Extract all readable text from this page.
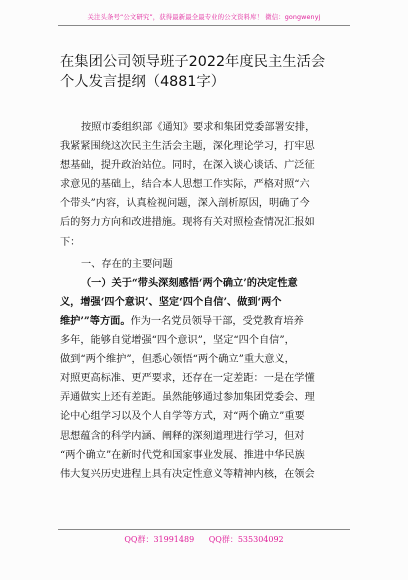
关注头条号“公文研究”，获得最新最全最专业的公文资料库！ 微信：gongwenyj
在集团公司领导班子2022年度民主生活会
个人发言提纲（4881字）
按照市委组织部《通知》要求和集团党委部署安排，
我紧紧围绕这次民主生活会主题，深化理论学习，打牢思
想基础，提升政治站位。同时，在深入谈心谈话、广泛征
求意见的基础上，结合本人思想工作实际，严格对照“六
个带头”内容，认真检视问题，深入剖析原因，明确了今
后的努力方向和改进措施。现将有关对照检查情况汇报如
下：
一、存在的主要问题
（一）关于“带头深刻感悟‘两个确立’的决定性意
义，增强‘四个意识’、坚定‘四个自信’、做到‘两个
维护’”等方面。作为一名党员领导干部，受党教育培养
多年，能够自觉增强“四个意识”，坚定“四个自信”，
做到“两个维护”，但悉心领悟“两个确立”重大意义，
对照更高标准、更严要求，还存在一定差距：一是在学懂
弄通做实上还有差距。虽然能够通过参加集团党委会、理
论中心组学习以及个人自学等方式，对“两个确立”重要
思想蕴含的科学内涵、阐释的深刻道理进行学习，但对
“两个确立”在新时代党和国家事业发展、推进中华民族
伟大复兴历史进程上具有决定性意义等精神内核，在领会
QQ群：31991489 QQ群：535304092
